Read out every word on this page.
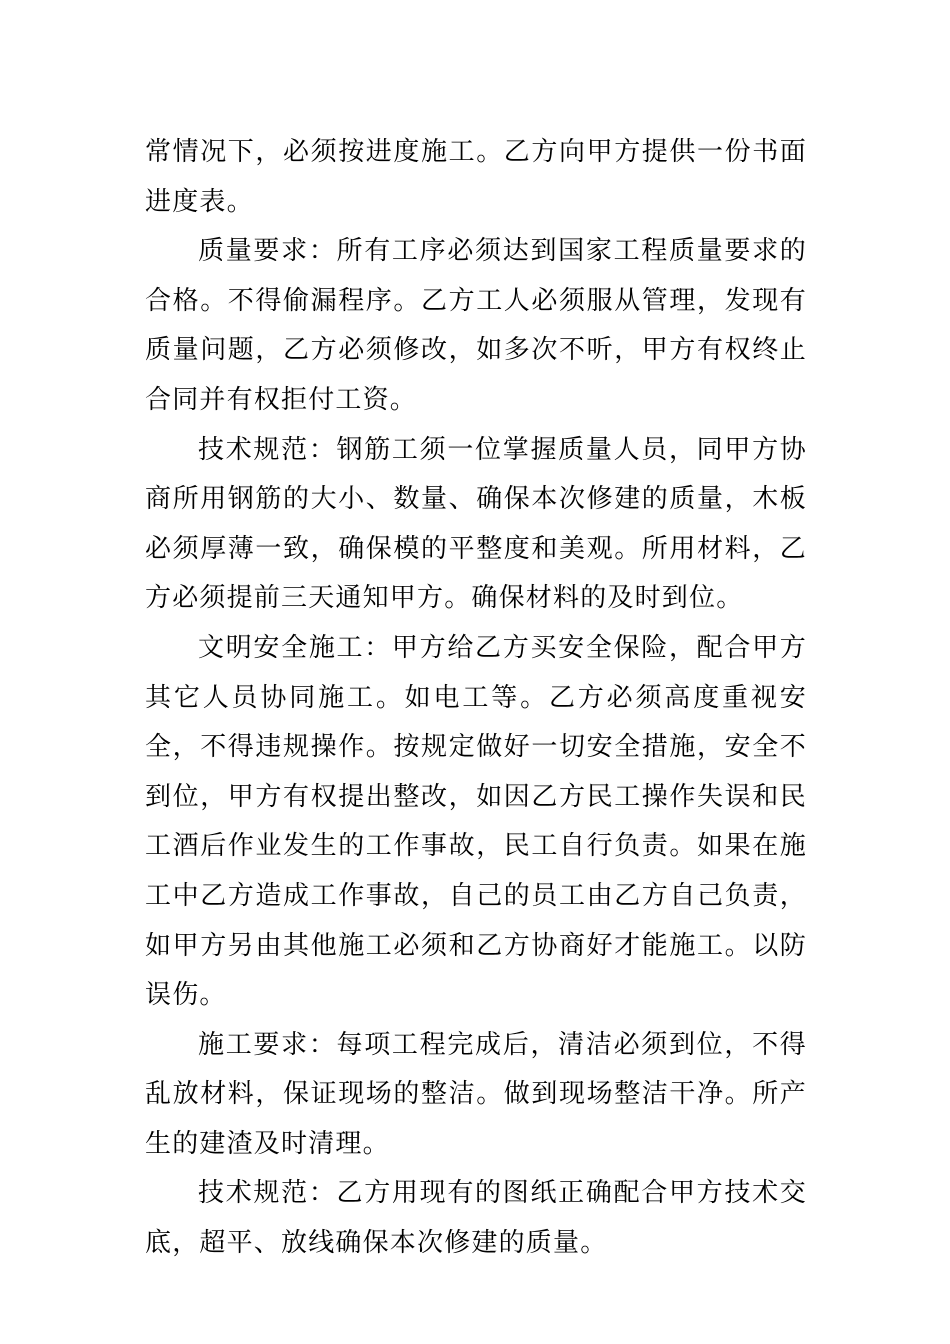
常情况下，必须按进度施工。乙方向甲方提供一份书面进度表。

质量要求：所有工序必须达到国家工程质量要求的合格。不得偷漏程序。乙方工人必须服从管理，发现有质量问题，乙方必须修改，如多次不听，甲方有权终止合同并有权拒付工资。

技术规范：钢筋工须一位掌握质量人员，同甲方协商所用钢筋的大小、数量、确保本次修建的质量，木板必须厚薄一致，确保模的平整度和美观。所用材料，乙方必须提前三天通知甲方。确保材料的及时到位。

文明安全施工：甲方给乙方买安全保险，配合甲方其它人员协同施工。如电工等。乙方必须高度重视安全，不得违规操作。按规定做好一切安全措施，安全不到位，甲方有权提出整改，如因乙方民工操作失误和民工酒后作业发生的工作事故，民工自行负责。如果在施工中乙方造成工作事故，自己的员工由乙方自己负责，如甲方另由其他施工必须和乙方协商好才能施工。以防误伤。

施工要求：每项工程完成后，清洁必须到位，不得乱放材料，保证现场的整洁。做到现场整洁干净。所产生的建渣及时清理。

技术规范：乙方用现有的图纸正确配合甲方技术交底，超平、放线确保本次修建的质量。
